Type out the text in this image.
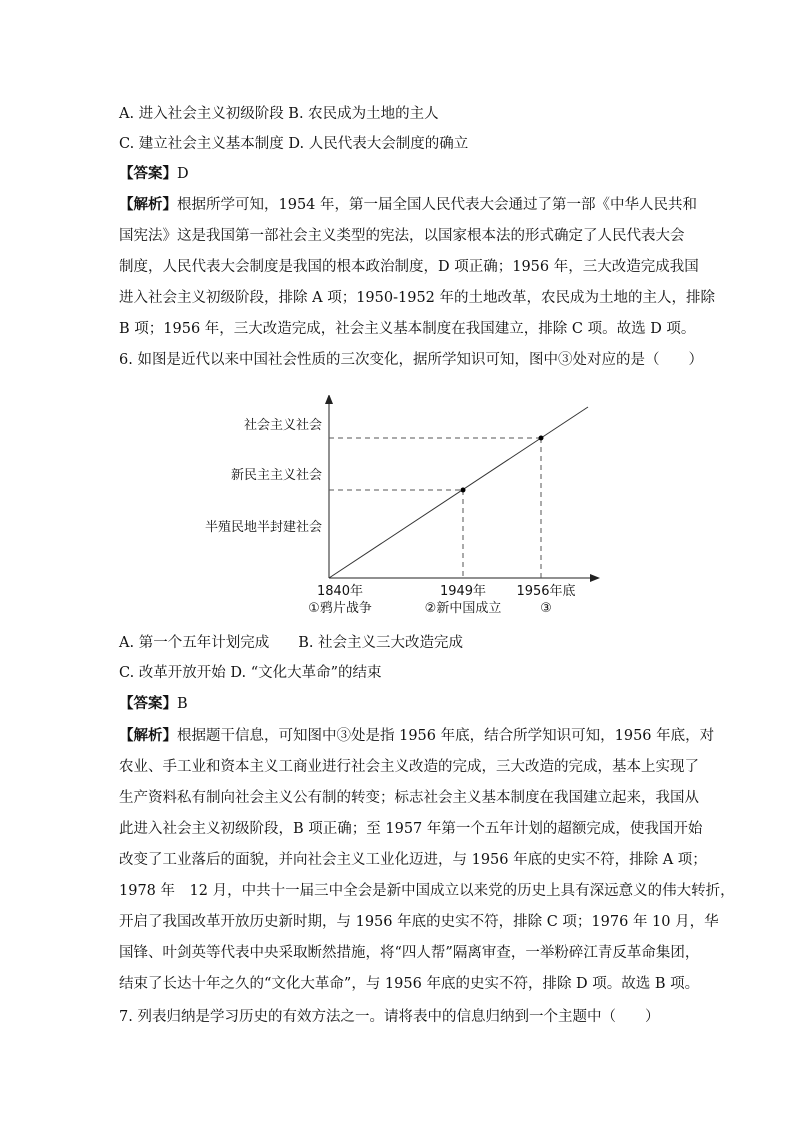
A. 进入社会主义初级阶段 B. 农民成为土地的主人
C. 建立社会主义基本制度 D. 人民代表大会制度的确立
【答案】D
【解析】根据所学可知，1954 年，第一届全国人民代表大会通过了第一部《中华人民共和
国宪法》这是我国第一部社会主义类型的宪法，以国家根本法的形式确定了人民代表大会
制度，人民代表大会制度是我国的根本政治制度，D 项正确；1956 年，三大改造完成我国
进入社会主义初级阶段，排除 A 项；1950-1952 年的土地改革，农民成为土地的主人，排除
B 项；1956 年，三大改造完成，社会主义基本制度在我国建立，排除 C 项。故选 D 项。
6. 如图是近代以来中国社会性质的三次变化，据所学知识可知，图中③处对应的是（　　）
社会主义社会
新民主主义社会
半殖民地半封建社会
1840年	1949年 1956年底
①鸦片战争	②新中国成立	③
A. 第一个五年计划完成　　B. 社会主义三大改造完成
C. 改革开放开始 D. “文化大革命”的结束
【答案】B
【解析】根据题干信息，可知图中③处是指 1956 年底，结合所学知识可知，1956 年底，对
农业、手工业和资本主义工商业进行社会主义改造的完成，三大改造的完成，基本上实现了
生产资料私有制向社会主义公有制的转变；标志社会主义基本制度在我国建立起来，我国从
此进入社会主义初级阶段，B 项正确；至 1957 年第一个五年计划的超额完成，使我国开始
改变了工业落后的面貌，并向社会主义工业化迈进，与 1956 年底的史实不符，排除 A 项；
1978 年　12 月，中共十一届三中全会是新中国成立以来党的历史上具有深远意义的伟大转折，
开启了我国改革开放历史新时期，与 1956 年底的史实不符，排除 C 项；1976 年 10 月，华
国锋、叶剑英等代表中央采取断然措施，将“四人帮”隔离审查，一举粉碎江青反革命集团，
结束了长达十年之久的“文化大革命”，与 1956 年底的史实不符，排除 D 项。故选 B 项。
7. 列表归纳是学习历史的有效方法之一。请将表中的信息归纳到一个主题中（　　）
